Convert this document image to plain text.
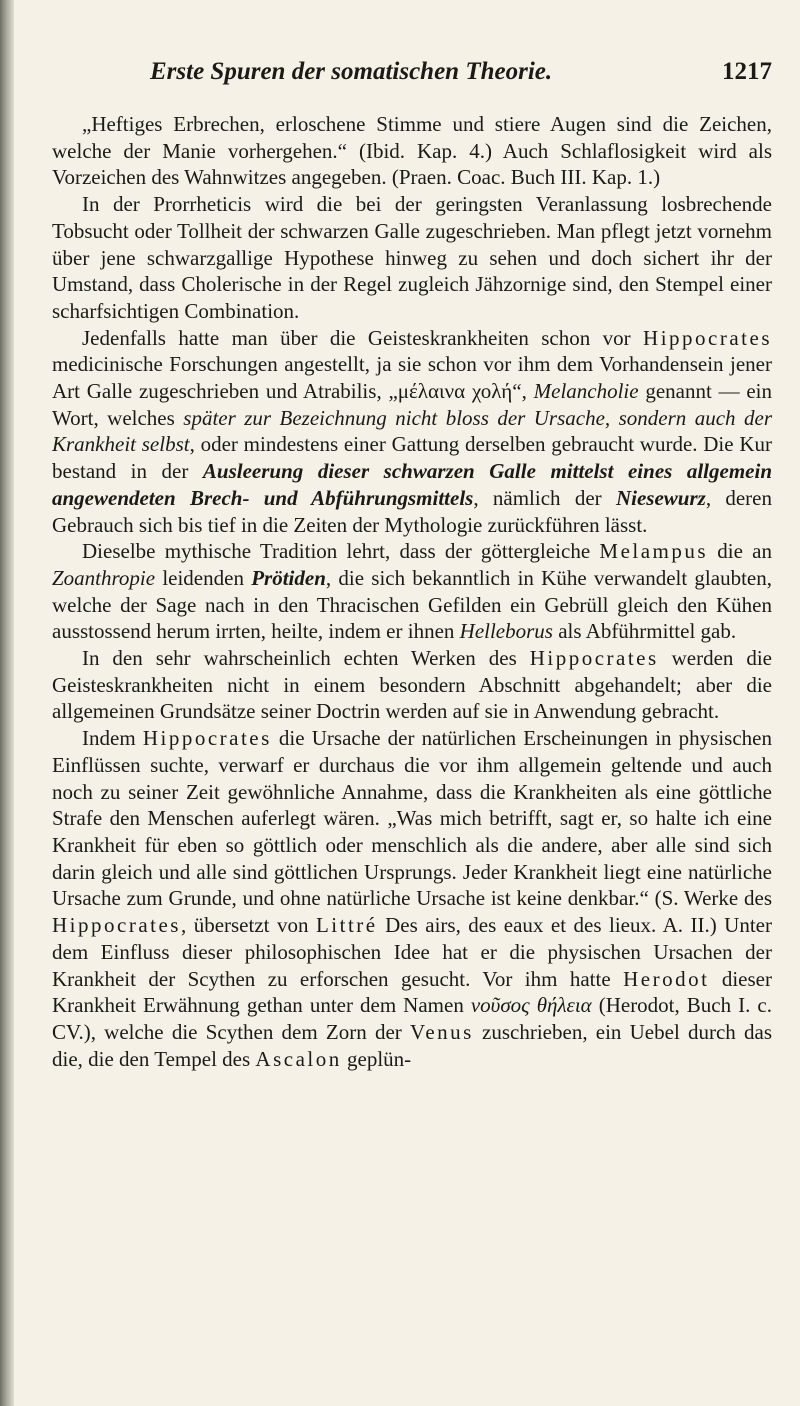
Erste Spuren der somatischen Theorie.	1217

„Heftiges Erbrechen, erloschene Stimme und stiere Augen sind die Zeichen, welche der Manie vorhergehen.“ (Ibid. Kap. 4.) Auch Schlaflosigkeit wird als Vorzeichen des Wahnwitzes angegeben. (Praen. Coac. Buch III. Kap. 1.)

In der Prorrheticis wird die bei der geringsten Veranlassung losbrechende Tobsucht oder Tollheit der schwarzen Galle zugeschrieben. Man pflegt jetzt vornehm über jene schwarzgallige Hypothese hinweg zu sehen und doch sichert ihr der Umstand, dass Cholerische in der Regel zugleich Jähzornige sind, den Stempel einer scharfsichtigen Combination.

Jedenfalls hatte man über die Geisteskrankheiten schon vor Hippocrates medicinische Forschungen angestellt, ja sie schon vor ihm dem Vorhandensein jener Art Galle zugeschrieben und Atrabilis, „μέλαινα χολή“, Melancholie genannt — ein Wort, welches später zur Bezeichnung nicht bloss der Ursache, sondern auch der Krankheit selbst, oder mindestens einer Gattung derselben gebraucht wurde. Die Kur bestand in der Ausleerung dieser schwarzen Galle mittelst eines allgemein angewendeten Brech- und Abführungsmittels, nämlich der Niesewurz, deren Gebrauch sich bis tief in die Zeiten der Mythologie zurückführen lässt.

Dieselbe mythische Tradition lehrt, dass der göttergleiche Melampus die an Zoanthropie leidenden Prötiden, die sich bekanntlich in Kühe verwandelt glaubten, welche der Sage nach in den Thracischen Gefilden ein Gebrüll gleich den Kühen ausstossend herum irrten, heilte, indem er ihnen Helleborus als Abführmittel gab.

In den sehr wahrscheinlich echten Werken des Hippocrates werden die Geisteskrankheiten nicht in einem besondern Abschnitt abgehandelt; aber die allgemeinen Grundsätze seiner Doctrin werden auf sie in Anwendung gebracht.

Indem Hippocrates die Ursache der natürlichen Erscheinungen in physischen Einflüssen suchte, verwarf er durchaus die vor ihm allgemein geltende und auch noch zu seiner Zeit gewöhnliche Annahme, dass die Krankheiten als eine göttliche Strafe den Menschen auferlegt wären. „Was mich betrifft, sagt er, so halte ich eine Krankheit für eben so göttlich oder menschlich als die andere, aber alle sind sich darin gleich und alle sind göttlichen Ursprungs. Jeder Krankheit liegt eine natürliche Ursache zum Grunde, und ohne natürliche Ursache ist keine denkbar.“ (S. Werke des Hippocrates, übersetzt von Littré Des airs, des eaux et des lieux. A. II.) Unter dem Einfluss dieser philosophischen Idee hat er die physischen Ursachen der Krankheit der Scythen zu erforschen gesucht. Vor ihm hatte Herodot dieser Krankheit Erwähnung gethan unter dem Namen νοῦσος θήλεια (Herodot, Buch I. c. CV.), welche die Scythen dem Zorn der Venus zuschrieben, ein Uebel durch das die, die den Tempel des Ascalon geplün-
